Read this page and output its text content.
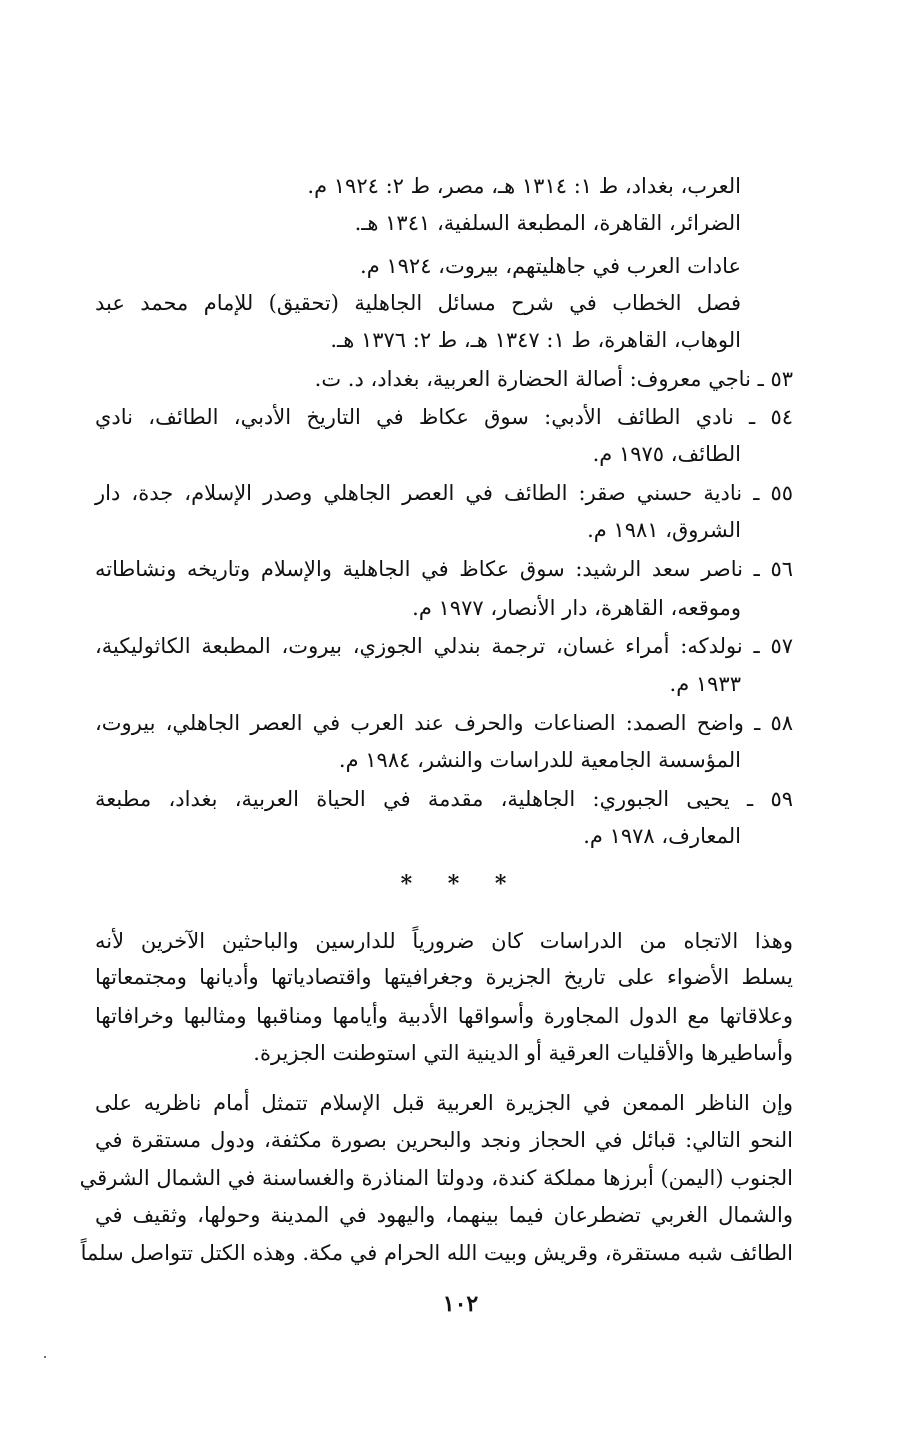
العرب، بغداد، ط ١: ١٣١٤ هـ، مصر، ط ٢: ١٩٢٤ م.
الضرائر، القاهرة، المطبعة السلفية، ١٣٤١ هـ.
عادات العرب في جاهليتهم، بيروت، ١٩٢٤ م.
فصل الخطاب في شرح مسائل الجاهلية (تحقيق) للإمام محمد عبد
الوهاب، القاهرة، ط ١: ١٣٤٧ هـ، ط ٢: ١٣٧٦ هـ.
٥٣ ـ ناجي معروف: أصالة الحضارة العربية، بغداد، د. ت.
٥٤ ـ نادي الطائف الأدبي: سوق عكاظ في التاريخ الأدبي، الطائف، نادي
الطائف، ١٩٧٥ م.
٥٥ ـ نادية حسني صقر: الطائف في العصر الجاهلي وصدر الإسلام، جدة، دار
الشروق، ١٩٨١ م.
٥٦ ـ ناصر سعد الرشيد: سوق عكاظ في الجاهلية والإسلام وتاريخه ونشاطاته
وموقعه، القاهرة، دار الأنصار، ١٩٧٧ م.
٥٧ ـ نولدكه: أمراء غسان، ترجمة بندلي الجوزي، بيروت، المطبعة الكاثوليكية،
١٩٣٣ م.
٥٨ ـ واضح الصمد: الصناعات والحرف عند العرب في العصر الجاهلي، بيروت،
المؤسسة الجامعية للدراسات والنشر، ١٩٨٤ م.
٥٩ ـ يحيى الجبوري: الجاهلية، مقدمة في الحياة العربية، بغداد، مطبعة
المعارف، ١٩٧٨ م.
* * *
وهذا الاتجاه من الدراسات كان ضرورياً للدارسين والباحثين الآخرين لأنه
يسلط الأضواء على تاريخ الجزيرة وجغرافيتها واقتصادياتها وأديانها ومجتمعاتها
وعلاقاتها مع الدول المجاورة وأسواقها الأدبية وأيامها ومناقبها ومثالبها وخرافاتها
وأساطيرها والأقليات العرقية أو الدينية التي استوطنت الجزيرة.
وإن الناظر الممعن في الجزيرة العربية قبل الإسلام تتمثل أمام ناظريه على
النحو التالي: قبائل في الحجاز ونجد والبحرين بصورة مكثفة، ودول مستقرة في
الجنوب (اليمن) أبرزها مملكة كندة، ودولتا المناذرة والغساسنة في الشمال الشرقي
والشمال الغربي تضطرعان فيما بينهما، واليهود في المدينة وحولها، وثقيف في
الطائف شبه مستقرة، وقريش وبيت الله الحرام في مكة. وهذه الكتل تتواصل سلماً
١٠٢
